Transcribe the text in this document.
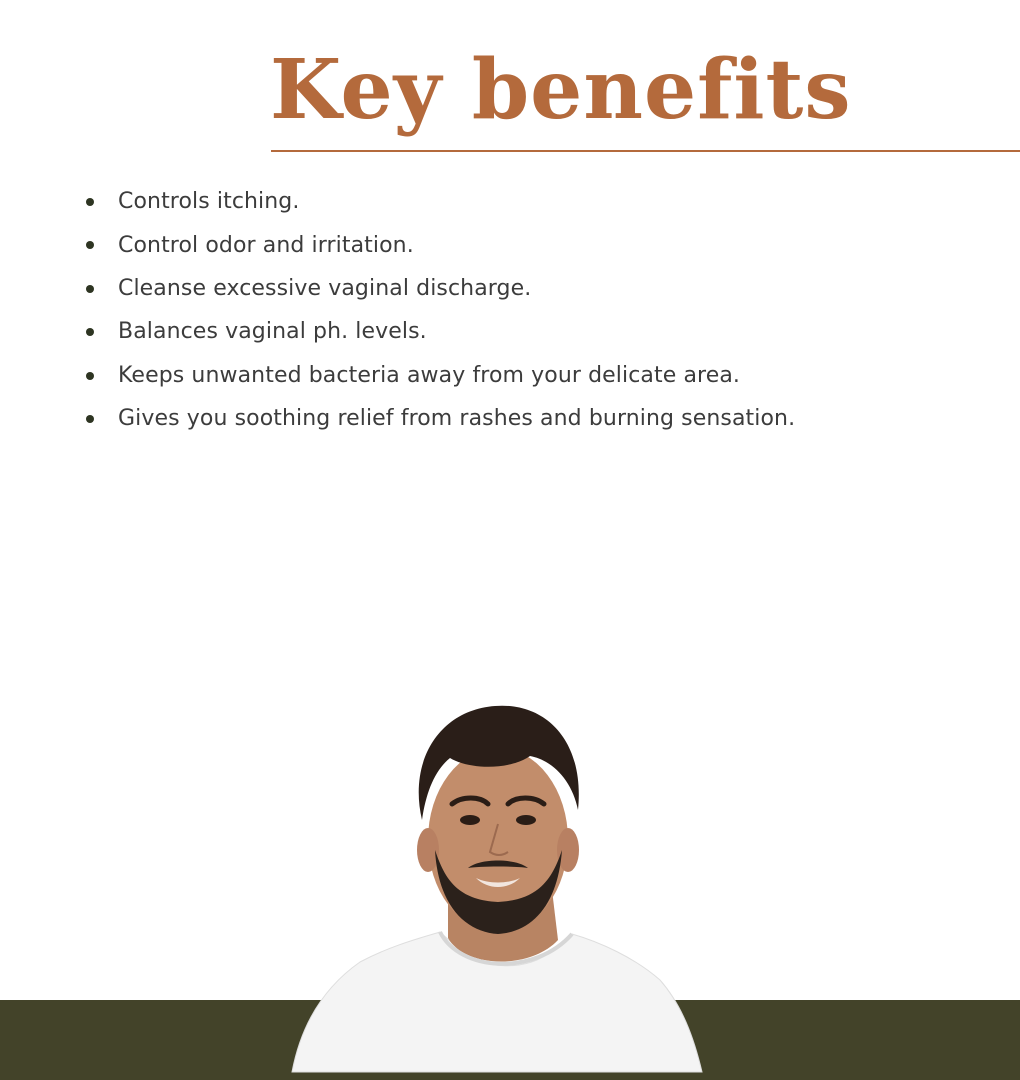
Key benefits
Controls itching.
Control odor and irritation.
Cleanse excessive vaginal discharge.
Balances vaginal ph. levels.
Keeps unwanted bacteria away from your delicate area.
Gives you soothing relief from rashes and burning sensation.
